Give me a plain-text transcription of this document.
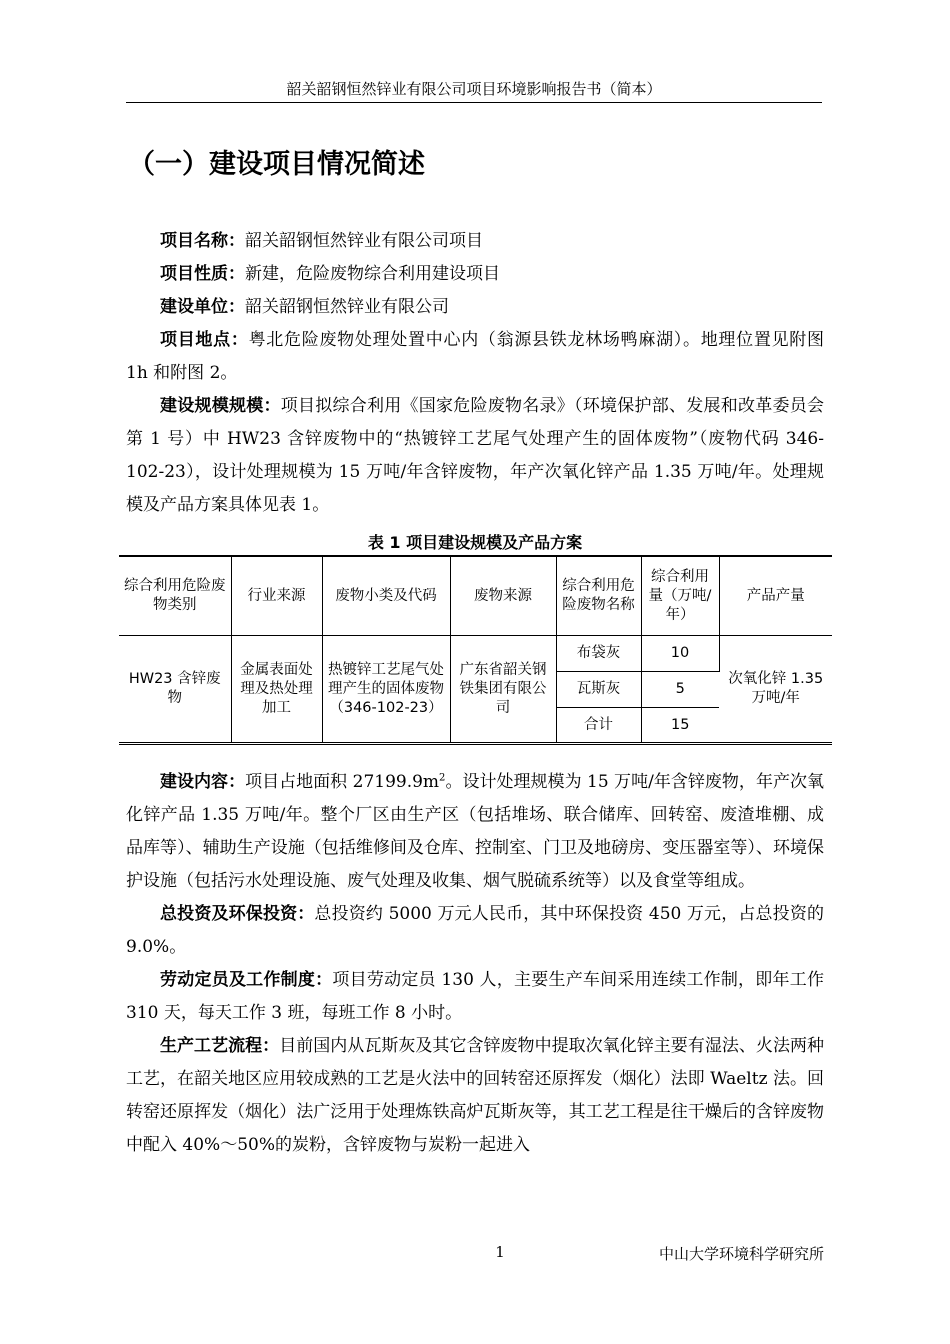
韶关韶钢恒然锌业有限公司项目环境影响报告书（简本）
（一）建设项目情况简述

项目名称：韶关韶钢恒然锌业有限公司项目

项目性质：新建，危险废物综合利用建设项目

建设单位：韶关韶钢恒然锌业有限公司

项目地点：粤北危险废物处理处置中心内（翁源县铁龙林场鸭麻湖）。地理位置见附图 1h 和附图 2。

建设规模规模：项目拟综合利用《国家危险废物名录》（环境保护部、发展和改革委员会第 1 号）中 HW23 含锌废物中的“热镀锌工艺尾气处理产生的固体废物”（废物代码 346-102-23），设计处理规模为 15 万吨/年含锌废物，年产次氧化锌产品 1.35 万吨/年。处理规模及产品方案具体见表 1。

表 1 项目建设规模及产品方案
综合利用危险废物类别	行业来源	废物小类及代码	废物来源	综合利用危险废物名称	综合利用量（万吨/年）	产品产量
HW23 含锌废物	金属表面处理及热处理加工	热镀锌工艺尾气处理产生的固体废物（346-102-23）	广东省韶关钢铁集团有限公司	布袋灰	10	次氧化锌 1.35 万吨/年
				瓦斯灰	5	
				合计	15	

建设内容：项目占地面积 $27199.9m^2$。设计处理规模为 15 万吨/年含锌废物，年产次氧化锌产品 1.35 万吨/年。整个厂区由生产区（包括堆场、联合储库、回转窑、废渣堆棚、成品库等）、辅助生产设施（包括维修间及仓库、控制室、门卫及地磅房、变压器室等）、环境保护设施（包括污水处理设施、废气处理及收集、烟气脱硫系统等）以及食堂等组成。

总投资及环保投资：总投资约 5000 万元人民币，其中环保投资 450 万元，占总投资的 9.0%。

劳动定员及工作制度：项目劳动定员 130 人，主要生产车间采用连续工作制，即年工作 310 天，每天工作 3 班，每班工作 8 小时。

生产工艺流程：目前国内从瓦斯灰及其它含锌废物中提取次氧化锌主要有湿法、火法两种工艺，在韶关地区应用较成熟的工艺是火法中的回转窑还原挥发（烟化）法即 Waeltz 法。回转窑还原挥发（烟化）法广泛用于处理炼铁高炉瓦斯灰等，其工艺工程是往干燥后的含锌废物中配入 40%～50%的炭粉，含锌废物与炭粉一起进入

1	中山大学环境科学研究所
